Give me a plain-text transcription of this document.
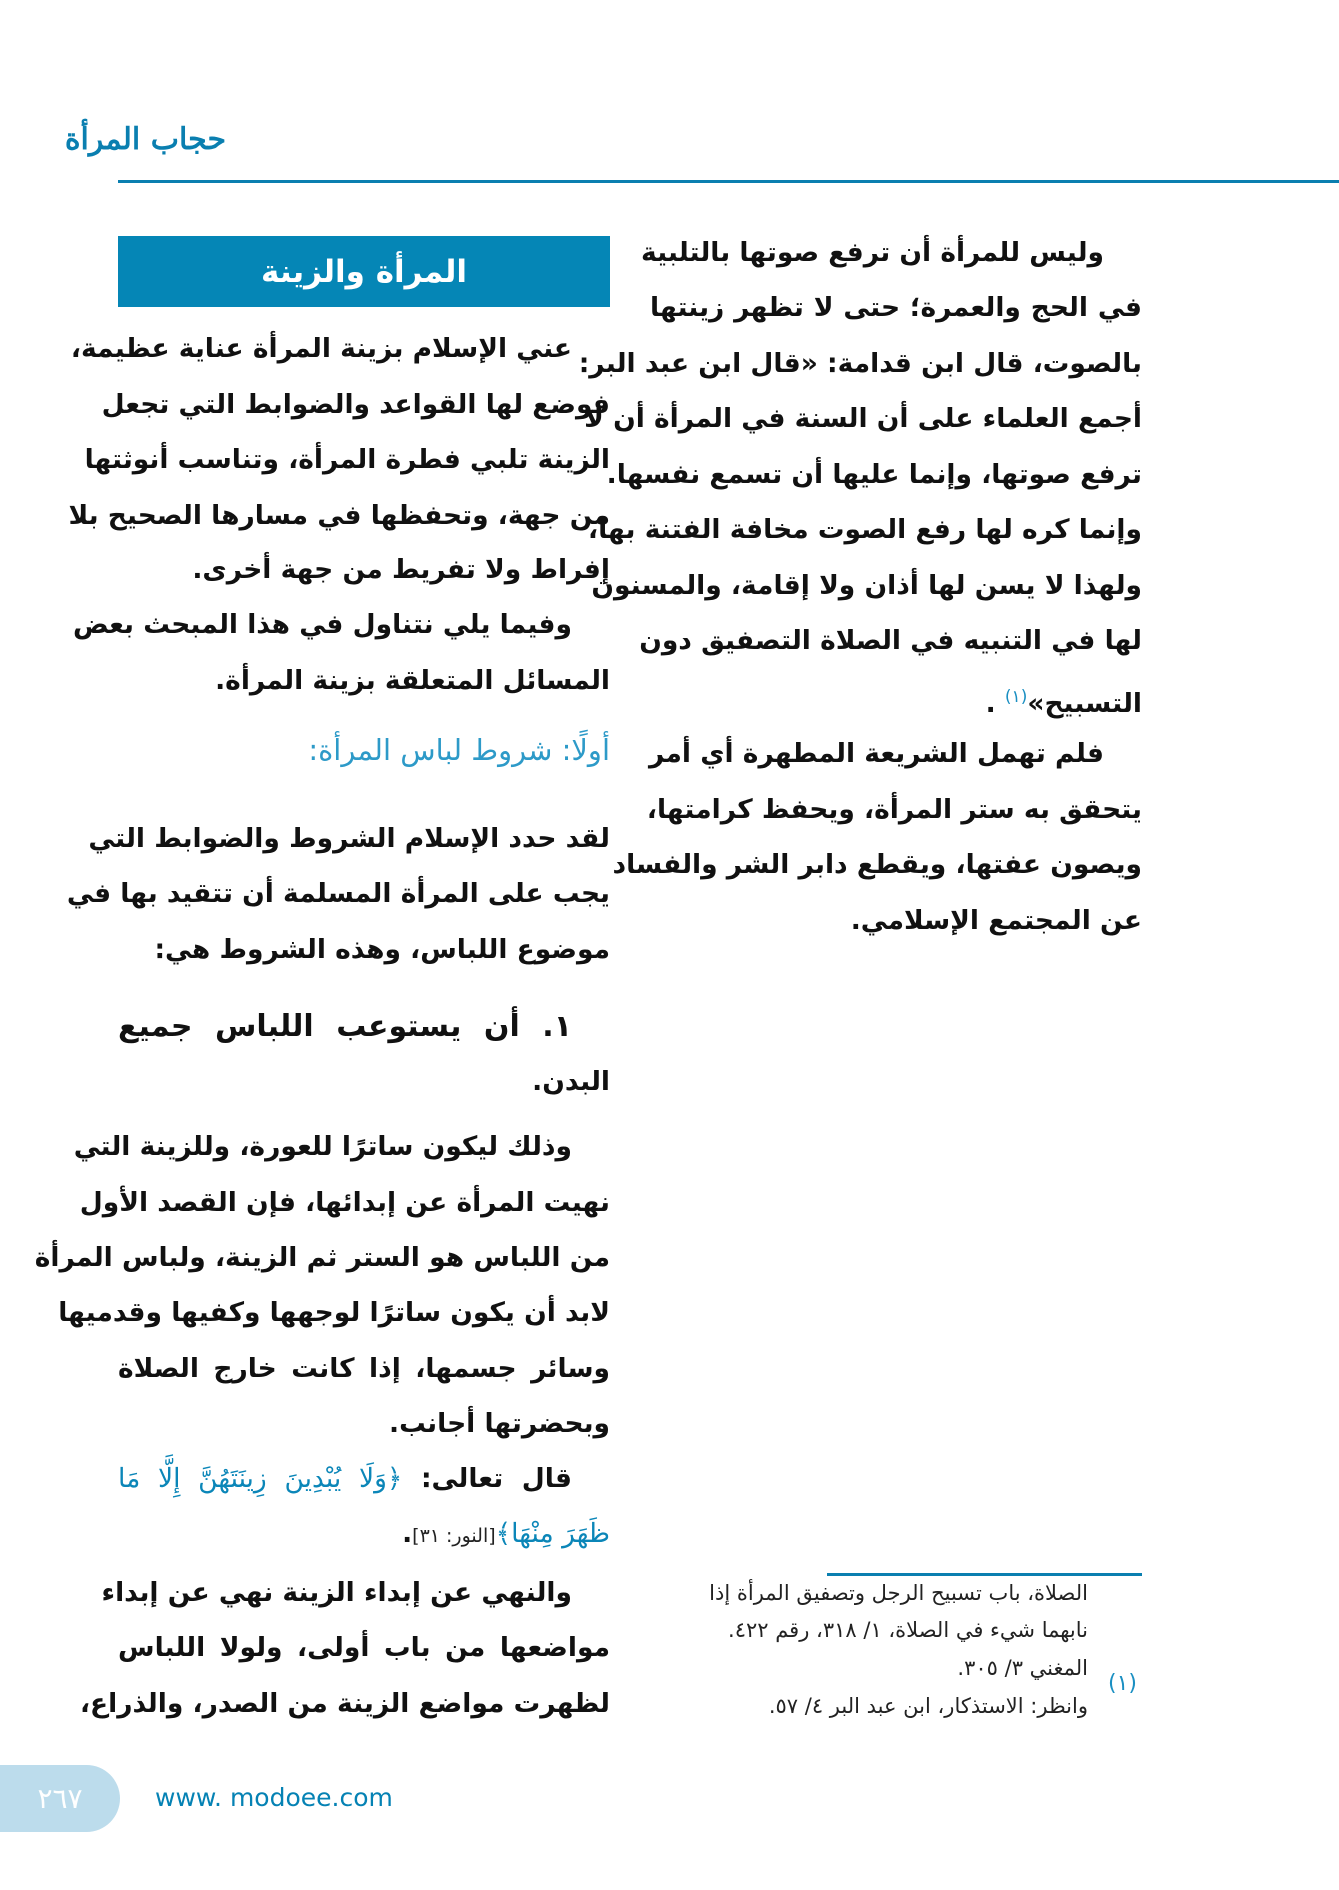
حجاب المرأة
المرأة والزينة
وليس للمرأة أن ترفع صوتها بالتلبية
في الحج والعمرة؛ حتى لا تظهر زينتها
بالصوت، قال ابن قدامة: «قال ابن عبد البر:
أجمع العلماء على أن السنة في المرأة أن لا
ترفع صوتها، وإنما عليها أن تسمع نفسها.
وإنما كره لها رفع الصوت مخافة الفتنة بها،
ولهذا لا يسن لها أذان ولا إقامة، والمسنون
لها في التنبيه في الصلاة التصفيق دون
التسبيح»$^{(١)}$ .
فلم تهمل الشريعة المطهرة أي أمر
يتحقق به ستر المرأة، ويحفظ كرامتها،
ويصون عفتها، ويقطع دابر الشر والفساد
عن المجتمع الإسلامي.
عني الإسلام بزينة المرأة عناية عظيمة،
فوضع لها القواعد والضوابط التي تجعل
الزينة تلبي فطرة المرأة، وتناسب أنوثتها
من جهة، وتحفظها في مسارها الصحيح بلا
إفراط ولا تفريط من جهة أخرى.
وفيما يلي نتناول في هذا المبحث بعض
المسائل المتعلقة بزينة المرأة.
أولًا: شروط لباس المرأة:
لقد حدد الإسلام الشروط والضوابط التي
يجب على المرأة المسلمة أن تتقيد بها في
موضوع اللباس، وهذه الشروط هي:
١. أن يستوعب اللباس جميع
البدن.
وذلك ليكون ساترًا للعورة، وللزينة التي
نهيت المرأة عن إبدائها، فإن القصد الأول
من اللباس هو الستر ثم الزينة، ولباس المرأة
لابد أن يكون ساترًا لوجهها وكفيها وقدميها
وسائر جسمها، إذا كانت خارج الصلاة
وبحضرتها أجانب.
قال تعالى: ﴿وَلَا يُبْدِينَ زِينَتَهُنَّ إِلَّا مَا
ظَهَرَ مِنْهَا﴾[النور: ٣١].
والنهي عن إبداء الزينة نهي عن إبداء
مواضعها من باب أولى، ولولا اللباس
لظهرت مواضع الزينة من الصدر، والذراع،
الصلاة، باب تسبيح الرجل وتصفيق المرأة إذا
نابهما شيء في الصلاة، ١/ ٣١٨، رقم ٤٢٢.
المغني ٣/ ٣٠٥.
وانظر: الاستذكار، ابن عبد البر ٤/ ٥٧.
(١)
٢٦٧	www. modoee.com
